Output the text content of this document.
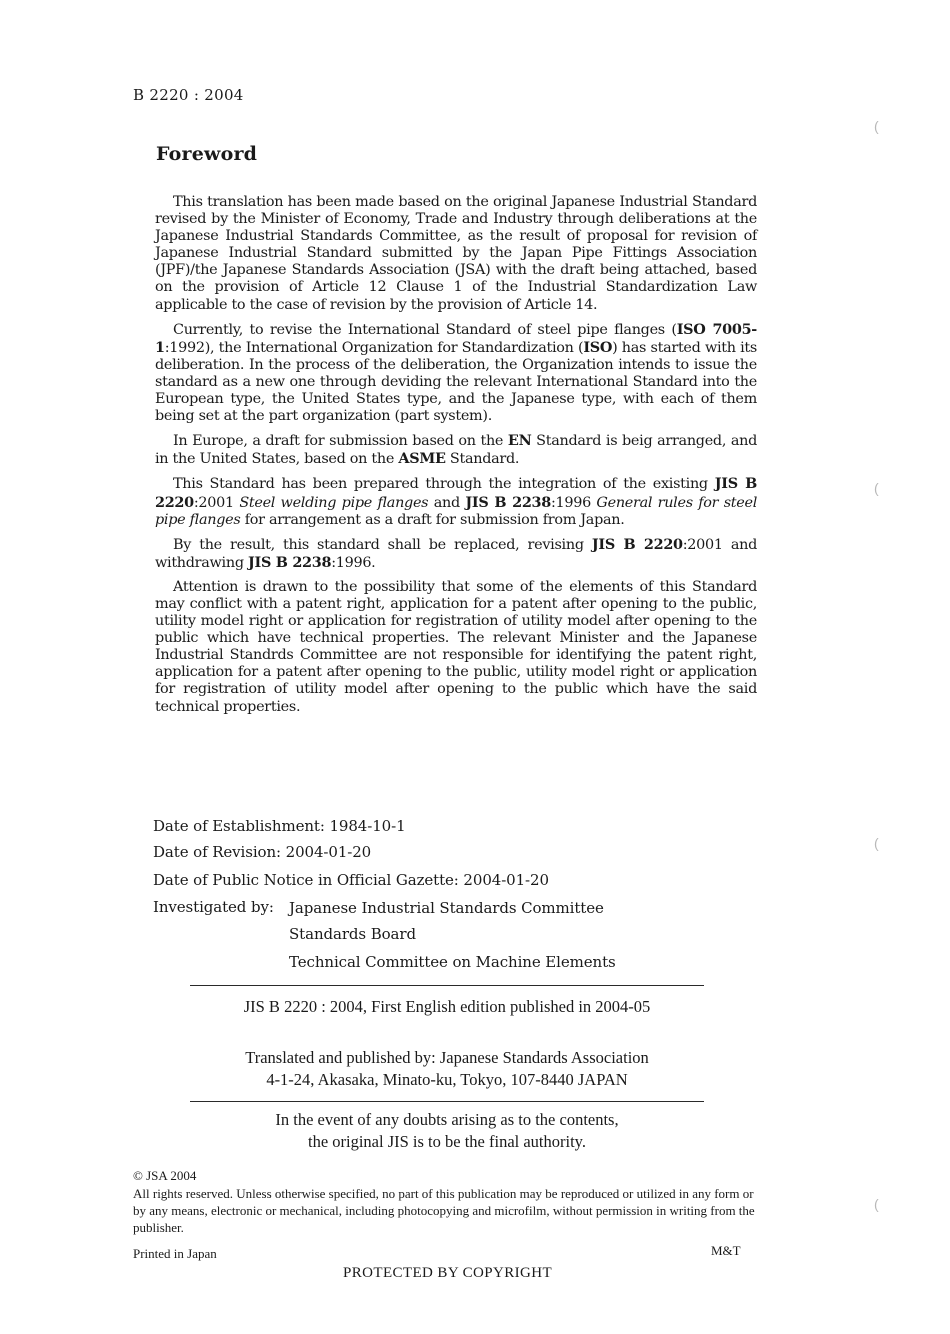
B 2220 : 2004
Foreword

This translation has been made based on the original Japanese Industrial Standard revised by the Minister of Economy, Trade and Industry through deliberations at the Japanese Industrial Standards Committee, as the result of proposal for revision of Japanese Industrial Standard submitted by the Japan Pipe Fittings Association (JPF)/the Japanese Standards Association (JSA) with the draft being attached, based on the provision of Article 12 Clause 1 of the Industrial Standardization Law applicable to the case of revision by the provision of Article 14.

Currently, to revise the International Standard of steel pipe flanges (ISO 7005-1:1992), the International Organization for Standardization (ISO) has started with its deliberation. In the process of the deliberation, the Organization intends to issue the standard as a new one through deviding the relevant International Standard into the European type, the United States type, and the Japanese type, with each of them being set at the part organization (part system).

In Europe, a draft for submission based on the EN Standard is beig arranged, and in the United States, based on the ASME Standard.

This Standard has been prepared through the integration of the existing JIS B 2220:2001 Steel welding pipe flanges and JIS B 2238:1996 General rules for steel pipe flanges for arrangement as a draft for submission from Japan.

By the result, this standard shall be replaced, revising JIS B 2220:2001 and withdrawing JIS B 2238:1996.

Attention is drawn to the possibility that some of the elements of this Standard may conflict with a patent right, application for a patent after opening to the public, utility model right or application for registration of utility model after opening to the public which have technical properties. The relevant Minister and the Japanese Industrial Standrds Committee are not responsible for identifying the patent right, application for a patent after opening to the public, utility model right or application for registration of utility model after opening to the public which have the said technical properties.

Date of Establishment: 1984-10-1
Date of Revision: 2004-01-20
Date of Public Notice in Official Gazette: 2004-01-20
Investigated by: Japanese Industrial Standards Committee
Standards Board
Technical Committee on Machine Elements
JIS B 2220 : 2004, First English edition published in 2004-05
Translated and published by: Japanese Standards Association
4-1-24, Akasaka, Minato-ku, Tokyo, 107-8440 JAPAN
In the event of any doubts arising as to the contents,
the original JIS is to be the final authority.
© JSA 2004
All rights reserved. Unless otherwise specified, no part of this publication may be reproduced or utilized in any form or by any means, electronic or mechanical, including photocopying and microfilm, without permission in writing from the publisher.
Printed in Japan	M&T
PROTECTED BY COPYRIGHT
(
(
(
(
